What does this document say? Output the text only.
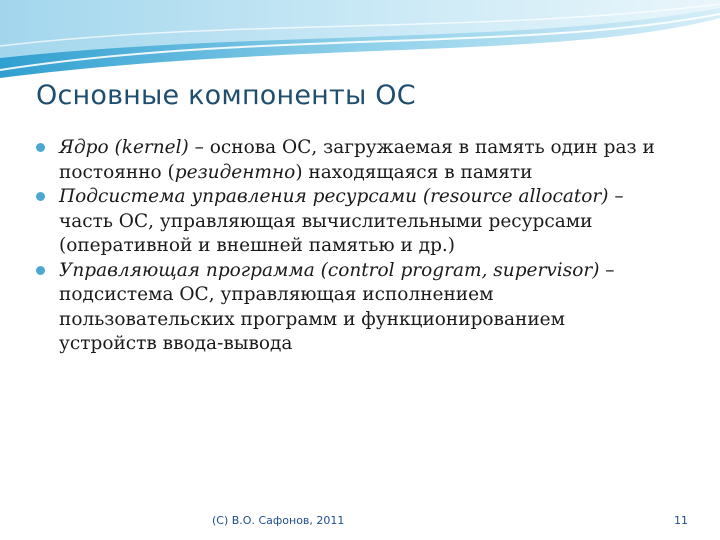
Основные компоненты ОС
Ядро (kernel) – основа ОС, загружаемая в память один раз и постоянно (резидентно) находящаяся в памяти
Подсистема управления ресурсами (resource allocator) – часть ОС, управляющая вычислительными ресурсами (оперативной и внешней памятью и др.)
Управляющая программа (control program, supervisor) – подсистема ОС, управляющая исполнением пользовательских программ и функционированием устройств ввода-вывода
(C) В.О. Сафонов, 2011	11
